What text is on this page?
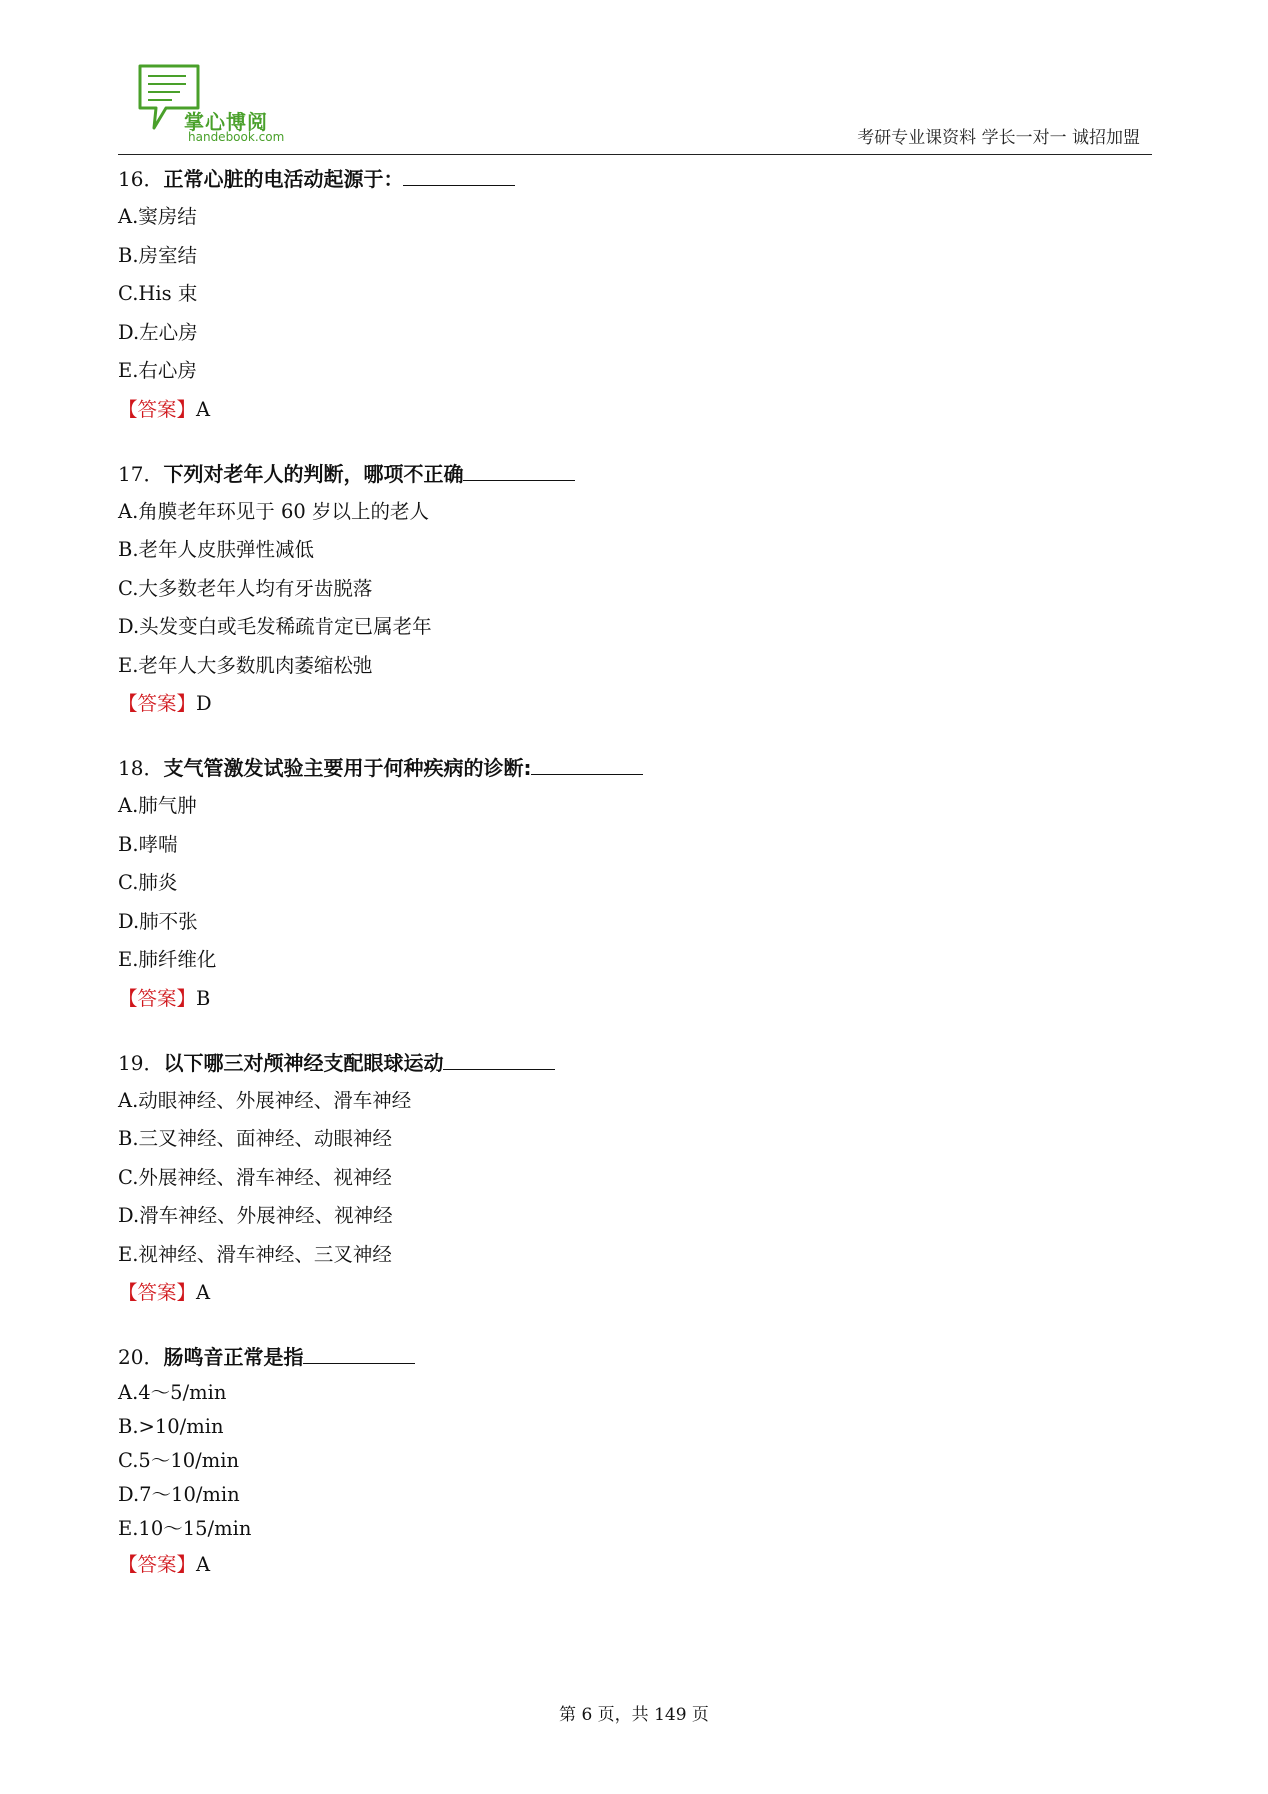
掌心博阅
handebook.com	考研专业课资料 学长一对一 诚招加盟
16．正常心脏的电活动起源于：
A.窦房结
B.房室结
C.His 束
D.左心房
E.右心房
【答案】A
17．下列对老年人的判断，哪项不正确
A.角膜老年环见于 60 岁以上的老人
B.老年人皮肤弹性减低
C.大多数老年人均有牙齿脱落
D.头发变白或毛发稀疏肯定已属老年
E.老年人大多数肌肉萎缩松弛
【答案】D
18．支气管激发试验主要用于何种疾病的诊断:
A.肺气肿
B.哮喘
C.肺炎
D.肺不张
E.肺纤维化
【答案】B
19．以下哪三对颅神经支配眼球运动
A.动眼神经、外展神经、滑车神经
B.三叉神经、面神经、动眼神经
C.外展神经、滑车神经、视神经
D.滑车神经、外展神经、视神经
E.视神经、滑车神经、三叉神经
【答案】A
20．肠鸣音正常是指
A.4～5/min
B.>10/min
C.5～10/min
D.7～10/min
E.10～15/min
【答案】A
第 6 页，共 149 页
